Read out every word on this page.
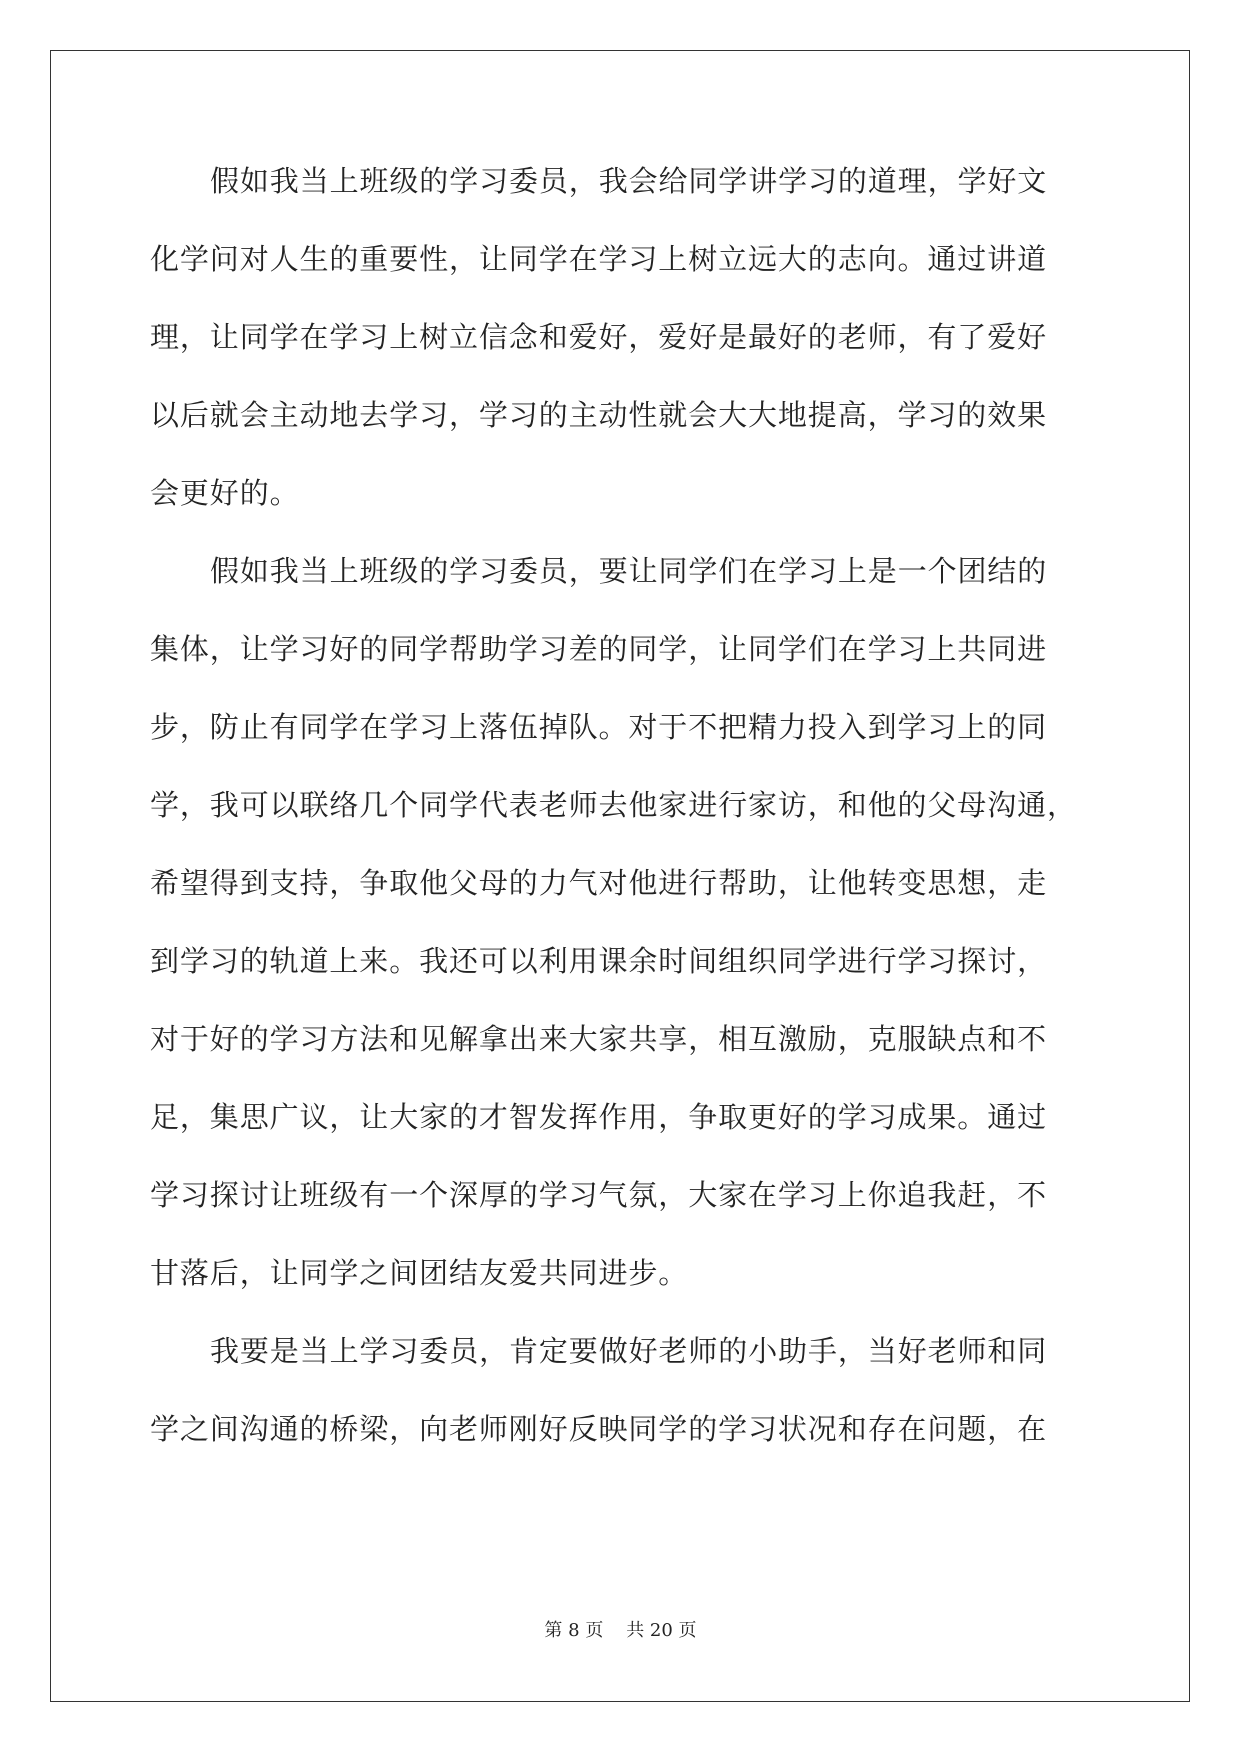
假如我当上班级的学习委员，我会给同学讲学习的道理，学好文
化学问对人生的重要性，让同学在学习上树立远大的志向。通过讲道
理，让同学在学习上树立信念和爱好，爱好是最好的老师，有了爱好
以后就会主动地去学习，学习的主动性就会大大地提高，学习的效果
会更好的。
假如我当上班级的学习委员，要让同学们在学习上是一个团结的
集体，让学习好的同学帮助学习差的同学，让同学们在学习上共同进
步，防止有同学在学习上落伍掉队。对于不把精力投入到学习上的同
学，我可以联络几个同学代表老师去他家进行家访，和他的父母沟通，
希望得到支持，争取他父母的力气对他进行帮助，让他转变思想，走
到学习的轨道上来。我还可以利用课余时间组织同学进行学习探讨，
对于好的学习方法和见解拿出来大家共享，相互激励，克服缺点和不
足，集思广议，让大家的才智发挥作用，争取更好的学习成果。通过
学习探讨让班级有一个深厚的学习气氛，大家在学习上你追我赶，不
甘落后，让同学之间团结友爱共同进步。
我要是当上学习委员，肯定要做好老师的小助手，当好老师和同
学之间沟通的桥梁，向老师刚好反映同学的学习状况和存在问题，在
第 8 页    共 20 页
